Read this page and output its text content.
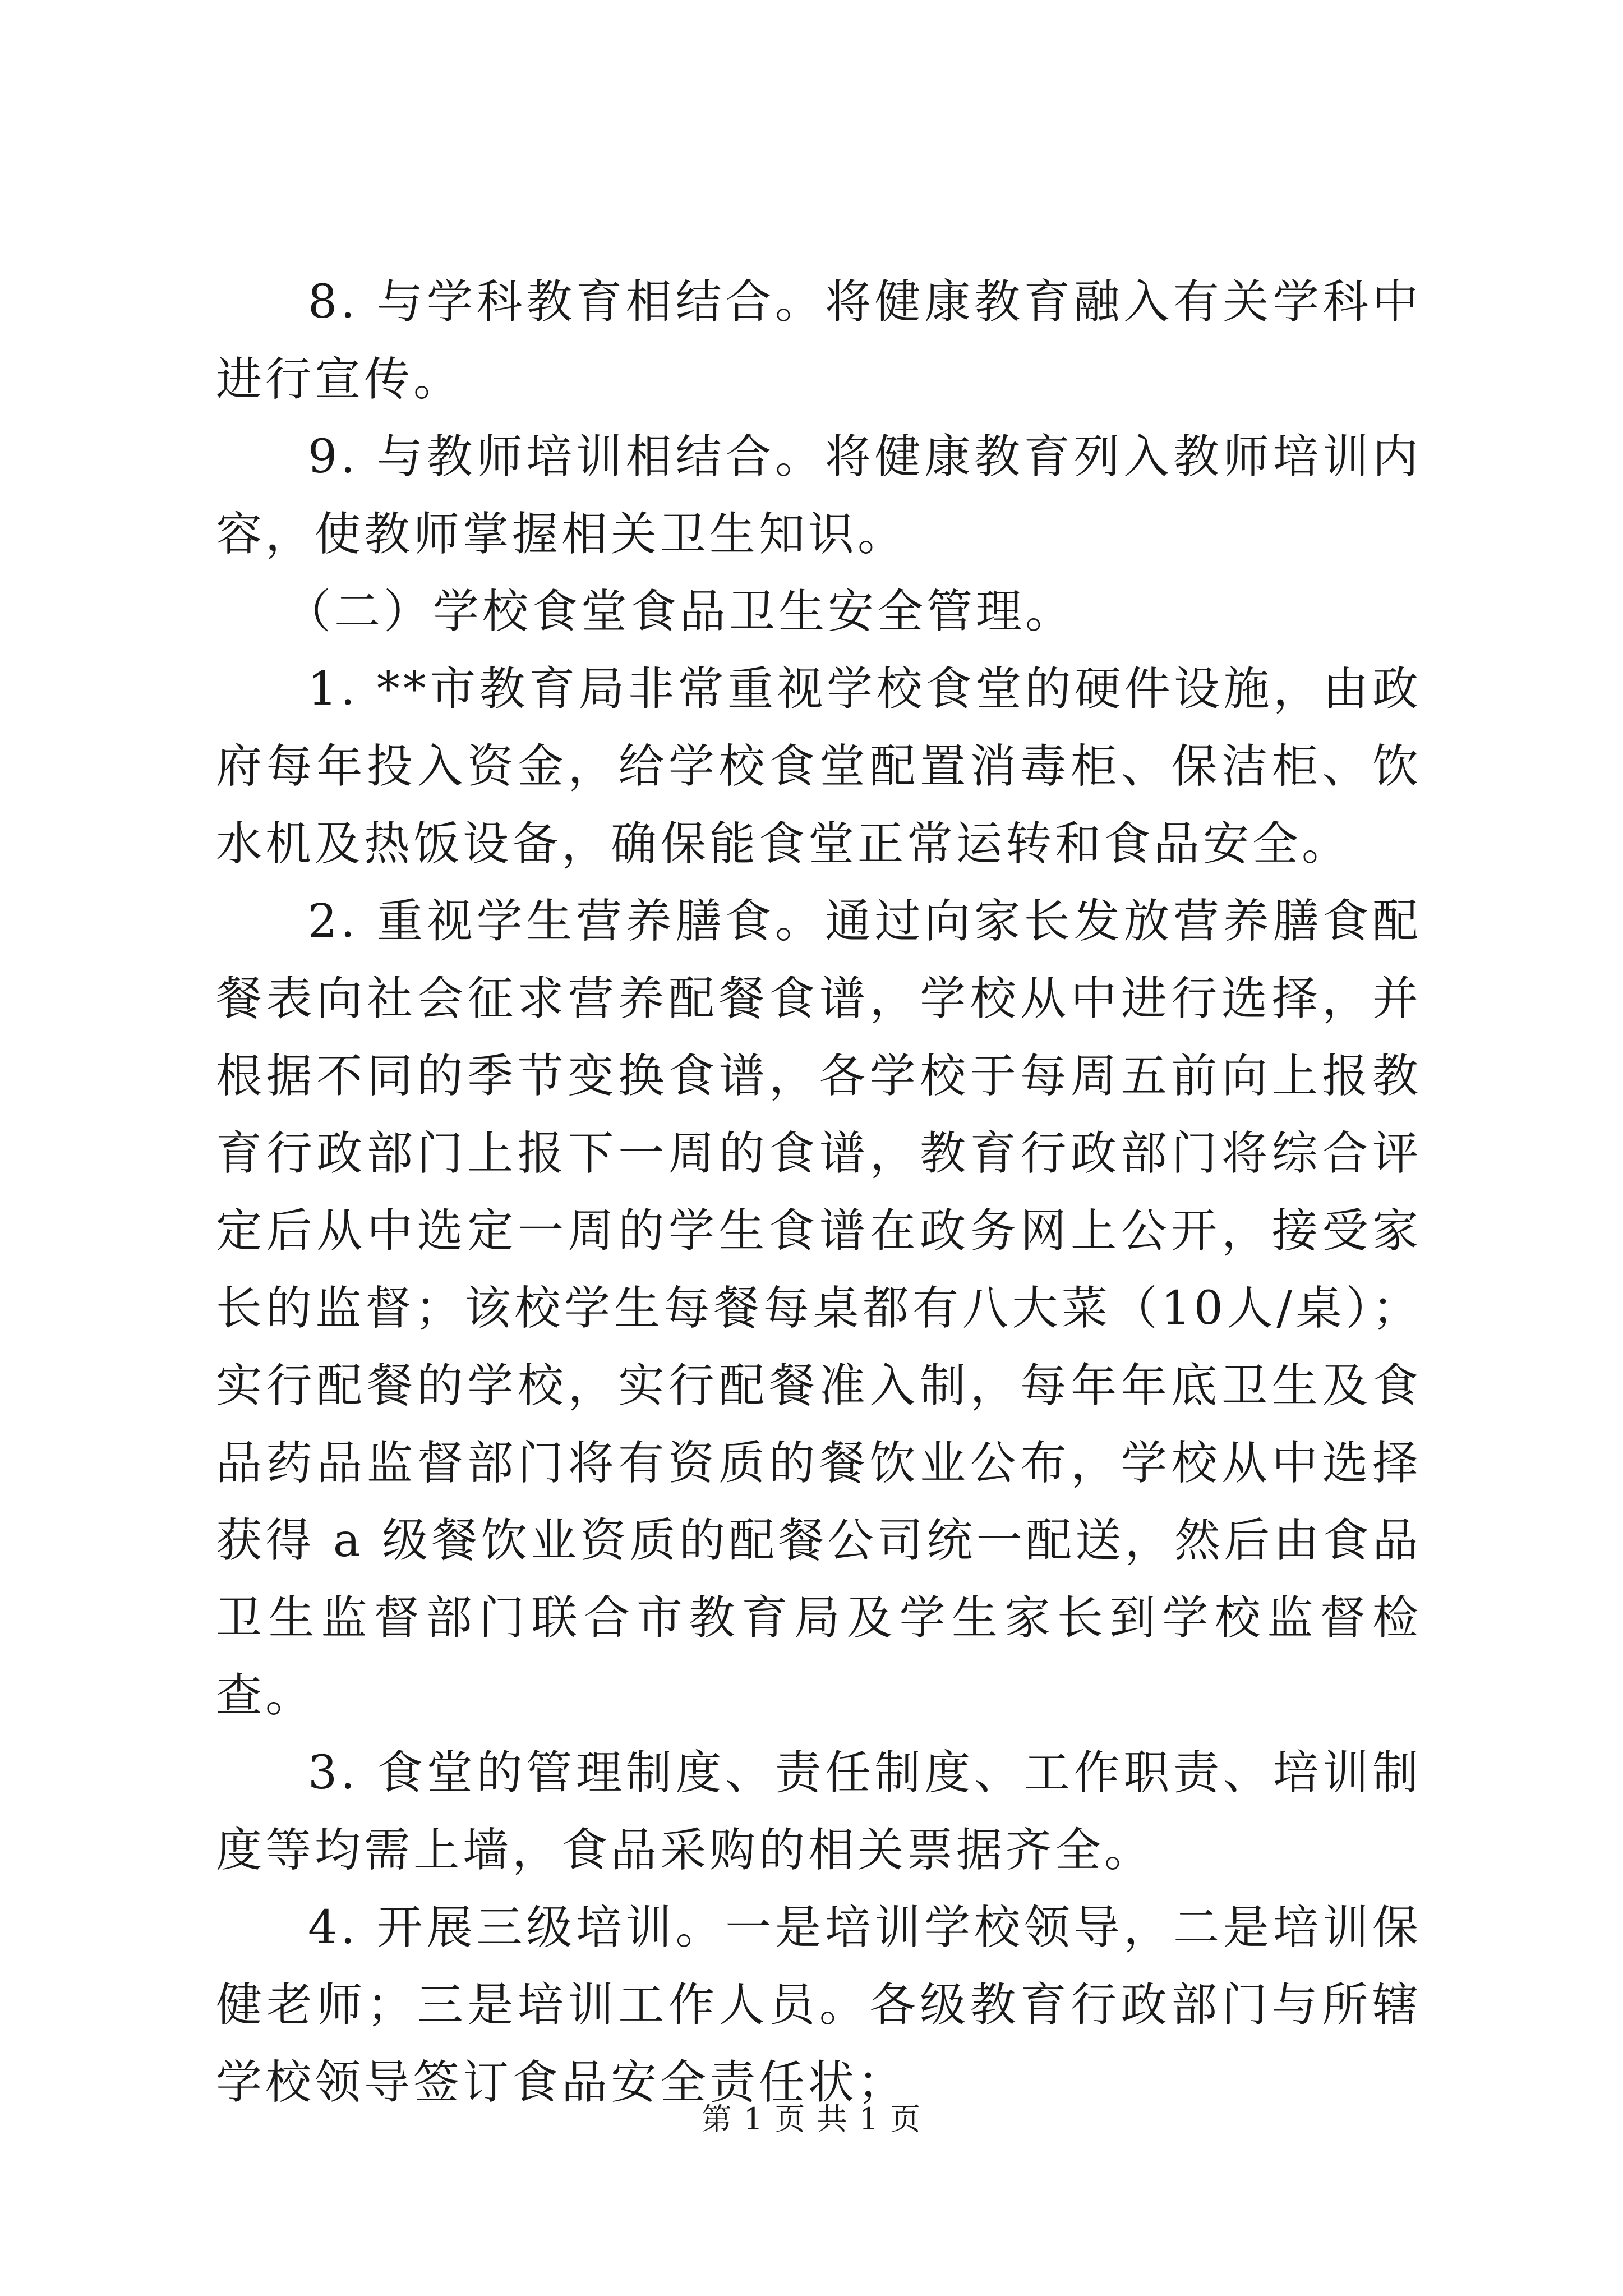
8. 与学科教育相结合。将健康教育融入有关学科中进行宣传。

9. 与教师培训相结合。将健康教育列入教师培训内容，使教师掌握相关卫生知识。

（二）学校食堂食品卫生安全管理。

1. **市教育局非常重视学校食堂的硬件设施，由政府每年投入资金，给学校食堂配置消毒柜、保洁柜、饮水机及热饭设备，确保能食堂正常运转和食品安全。

2. 重视学生营养膳食。通过向家长发放营养膳食配餐表向社会征求营养配餐食谱，学校从中进行选择，并根据不同的季节变换食谱，各学校于每周五前向上报教育行政部门上报下一周的食谱，教育行政部门将综合评定后从中选定一周的学生食谱在政务网上公开，接受家长的监督；该校学生每餐每桌都有八大菜（10人/桌）；实行配餐的学校，实行配餐准入制，每年年底卫生及食品药品监督部门将有资质的餐饮业公布，学校从中选择获得 a 级餐饮业资质的配餐公司统一配送，然后由食品卫生监督部门联合市教育局及学生家长到学校监督检查。

3. 食堂的管理制度、责任制度、工作职责、培训制度等均需上墙，食品采购的相关票据齐全。

4. 开展三级培训。一是培训学校领导，二是培训保健老师；三是培训工作人员。各级教育行政部门与所辖学校领导签订食品安全责任状；

第 1 页 共 1 页
